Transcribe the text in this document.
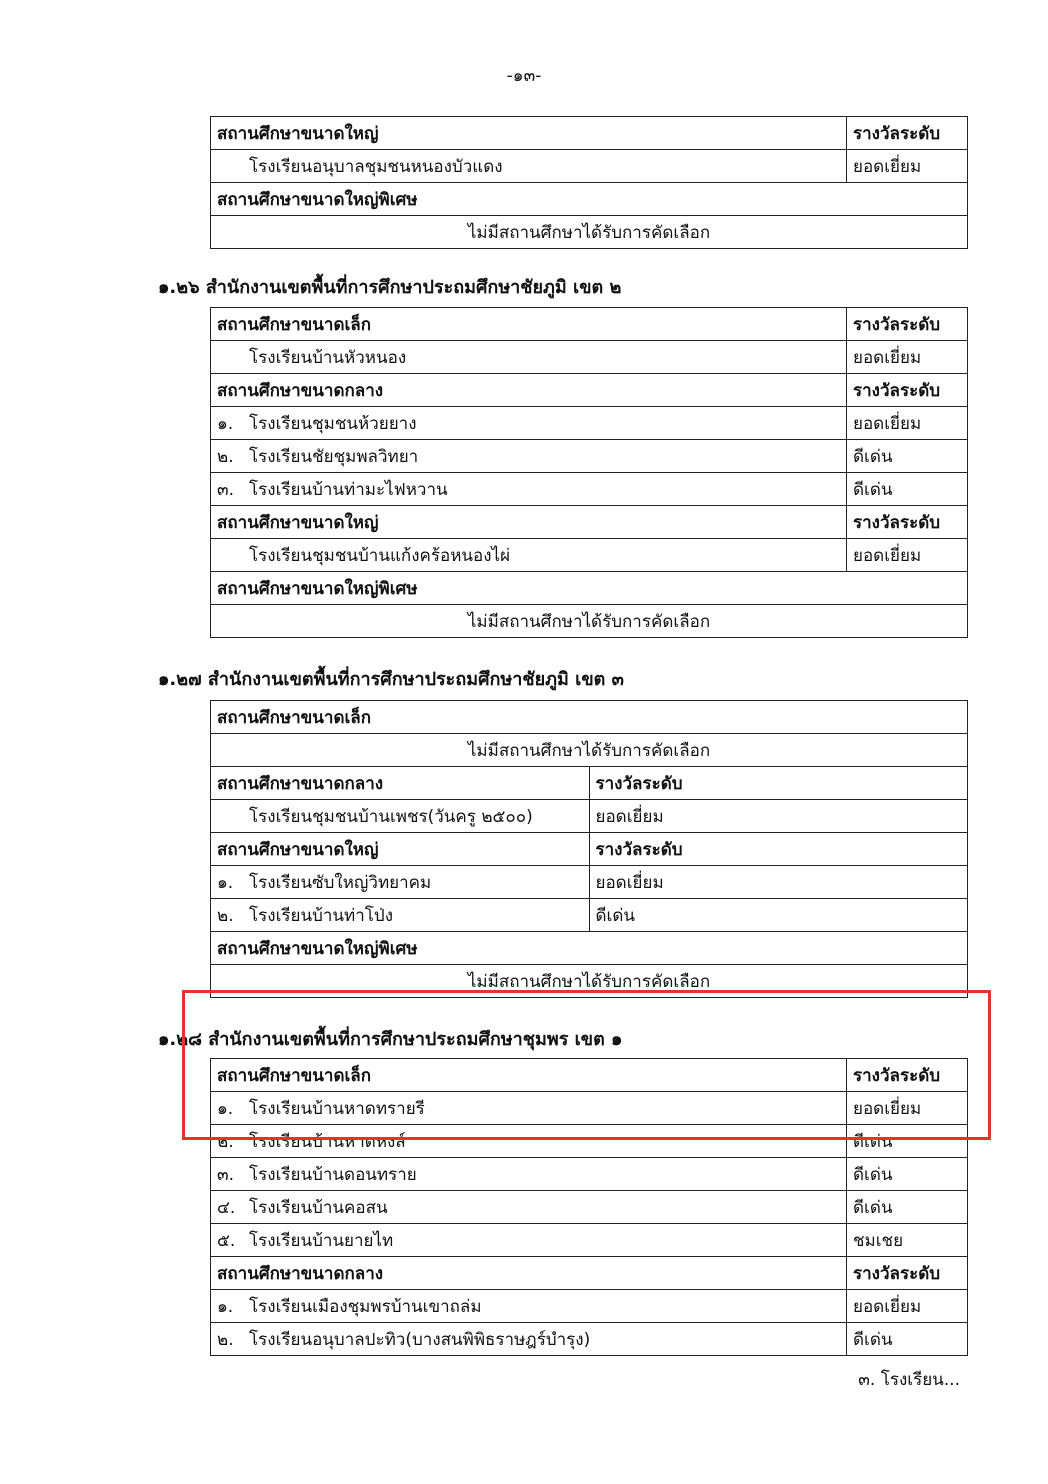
-๑๓-
สถานศึกษาขนาดใหญ่	รางวัลระดับ

โรงเรียนอนุบาลชุมชนหนองบัวแดง	ยอดเยี่ยม
สถานศึกษาขนาดใหญ่พิเศษ	
ไม่มีสถานศึกษาได้รับการคัดเลือก	
๑.๒๖ สำนักงานเขตพื้นที่การศึกษาประถมศึกษาชัยภูมิ เขต ๒
สถานศึกษาขนาดเล็ก	รางวัลระดับ

โรงเรียนบ้านหัวหนอง	ยอดเยี่ยม
สถานศึกษาขนาดกลาง	รางวัลระดับ

๑. โรงเรียนชุมชนห้วยยาง	ยอดเยี่ยม

๒. โรงเรียนชัยชุมพลวิทยา	ดีเด่น

๓. โรงเรียนบ้านท่ามะไฟหวาน	ดีเด่น
สถานศึกษาขนาดใหญ่	รางวัลระดับ

โรงเรียนชุมชนบ้านแก้งคร้อหนองไผ่	ยอดเยี่ยม
สถานศึกษาขนาดใหญ่พิเศษ	
ไม่มีสถานศึกษาได้รับการคัดเลือก	
๑.๒๗ สำนักงานเขตพื้นที่การศึกษาประถมศึกษาชัยภูมิ เขต ๓
สถานศึกษาขนาดเล็ก	
ไม่มีสถานศึกษาได้รับการคัดเลือก	
สถานศึกษาขนาดกลาง	รางวัลระดับ

โรงเรียนชุมชนบ้านเพชร(วันครู ๒๕๐๐)	ยอดเยี่ยม
สถานศึกษาขนาดใหญ่	รางวัลระดับ

๑. โรงเรียนซับใหญ่วิทยาคม	ยอดเยี่ยม

๒. โรงเรียนบ้านท่าโป่ง	ดีเด่น
สถานศึกษาขนาดใหญ่พิเศษ	
ไม่มีสถานศึกษาได้รับการคัดเลือก	
๑.๒๘ สำนักงานเขตพื้นที่การศึกษาประถมศึกษาชุมพร เขต ๑
สถานศึกษาขนาดเล็ก	รางวัลระดับ

๑. โรงเรียนบ้านหาดทรายรี	ยอดเยี่ยม

๒. โรงเรียนบ้านหาดหงส์	ดีเด่น

๓. โรงเรียนบ้านดอนทราย	ดีเด่น

๔. โรงเรียนบ้านคอสน	ดีเด่น

๕. โรงเรียนบ้านยายไท	ชมเชย
สถานศึกษาขนาดกลาง	รางวัลระดับ

๑. โรงเรียนเมืองชุมพรบ้านเขาถล่ม	ยอดเยี่ยม

๒. โรงเรียนอนุบาลปะทิว(บางสนพิพิธราษฎร์บำรุง)	ดีเด่น
๓. โรงเรียน...
